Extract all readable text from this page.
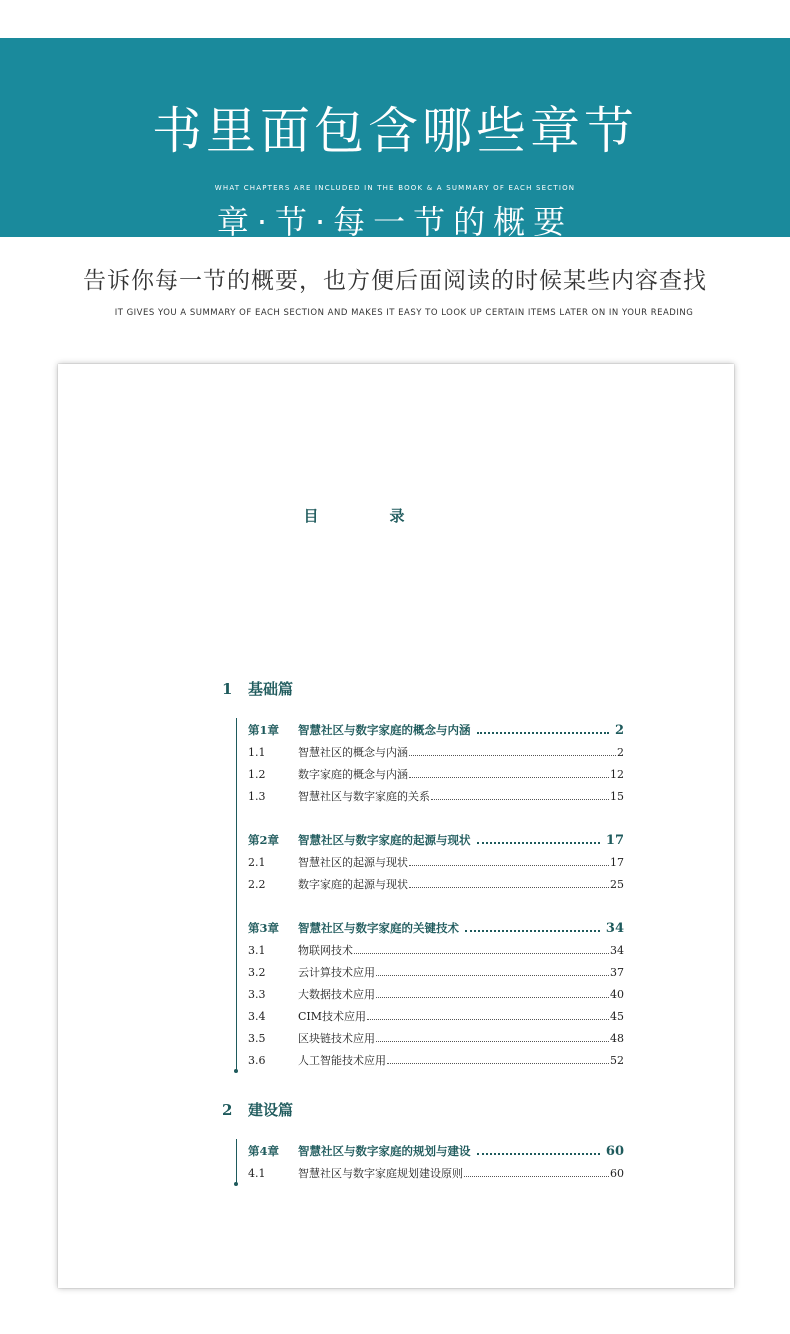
书里面包含哪些章节
WHAT CHAPTERS ARE INCLUDED IN THE BOOK & A SUMMARY OF EACH SECTION
章·节·每一节的概要
告诉你每一节的概要，也方便后面阅读的时候某些内容查找
IT GIVES YOU A SUMMARY OF EACH SECTION AND MAKES IT EASY TO LOOK UP CERTAIN ITEMS LATER ON IN YOUR READING
目　录
1 基础篇
第1章	智慧社区与数字家庭的概念与内涵	2
1.1	智慧社区的概念与内涵	2
1.2	数字家庭的概念与内涵	12
1.3	智慧社区与数字家庭的关系	15
第2章	智慧社区与数字家庭的起源与现状	17
2.1	智慧社区的起源与现状	17
2.2	数字家庭的起源与现状	25
第3章	智慧社区与数字家庭的关键技术	34
3.1	物联网技术	34
3.2	云计算技术应用	37
3.3	大数据技术应用	40
3.4	CIM技术应用	45
3.5	区块链技术应用	48
3.6	人工智能技术应用	52
2 建设篇
第4章	智慧社区与数字家庭的规划与建设	60
4.1	智慧社区与数字家庭规划建设原则	60
